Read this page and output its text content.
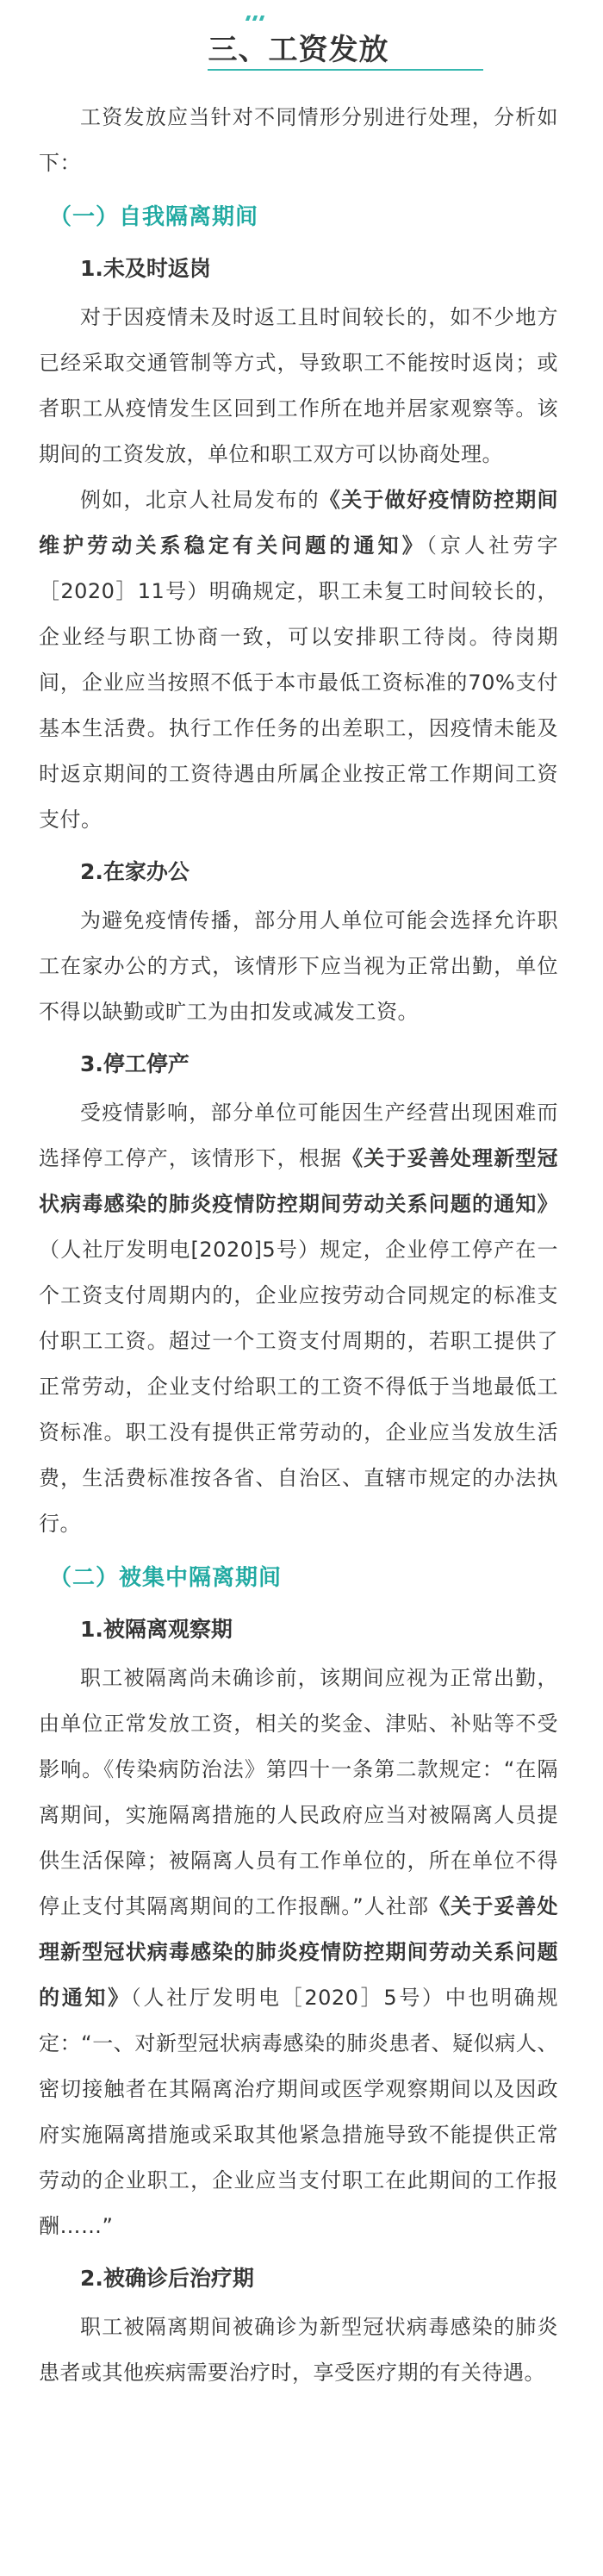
三、工资发放

工资发放应当针对不同情形分别进行处理，分析如下：

（一）自我隔离期间
1.未及时返岗

对于因疫情未及时返工且时间较长的，如不少地方已经采取交通管制等方式，导致职工不能按时返岗；或者职工从疫情发生区回到工作所在地并居家观察等。该期间的工资发放，单位和职工双方可以协商处理。

例如，北京人社局发布的《关于做好疫情防控期间维护劳动关系稳定有关问题的通知》（京人社劳字［2020］11号）明确规定，职工未复工时间较长的，企业经与职工协商一致，可以安排职工待岗。待岗期间，企业应当按照不低于本市最低工资标准的70%支付基本生活费。执行工作任务的出差职工，因疫情未能及时返京期间的工资待遇由所属企业按正常工作期间工资支付。

2.在家办公

为避免疫情传播，部分用人单位可能会选择允许职工在家办公的方式，该情形下应当视为正常出勤，单位不得以缺勤或旷工为由扣发或减发工资。

3.停工停产

受疫情影响，部分单位可能因生产经营出现困难而选择停工停产，该情形下，根据《关于妥善处理新型冠状病毒感染的肺炎疫情防控期间劳动关系问题的通知》（人社厅发明电[2020]5号）规定，企业停工停产在一个工资支付周期内的，企业应按劳动合同规定的标准支付职工工资。超过一个工资支付周期的，若职工提供了正常劳动，企业支付给职工的工资不得低于当地最低工资标准。职工没有提供正常劳动的，企业应当发放生活费，生活费标准按各省、自治区、直辖市规定的办法执行。

（二）被集中隔离期间
1.被隔离观察期

职工被隔离尚未确诊前，该期间应视为正常出勤，由单位正常发放工资，相关的奖金、津贴、补贴等不受影响。《传染病防治法》第四十一条第二款规定：“在隔离期间，实施隔离措施的人民政府应当对被隔离人员提供生活保障；被隔离人员有工作单位的，所在单位不得停止支付其隔离期间的工作报酬。”人社部《关于妥善处理新型冠状病毒感染的肺炎疫情防控期间劳动关系问题的通知》（人社厅发明电［2020］5号）中也明确规定：“一、对新型冠状病毒感染的肺炎患者、疑似病人、密切接触者在其隔离治疗期间或医学观察期间以及因政府实施隔离措施或采取其他紧急措施导致不能提供正常劳动的企业职工，企业应当支付职工在此期间的工作报酬……”

2.被确诊后治疗期

职工被隔离期间被确诊为新型冠状病毒感染的肺炎患者或其他疾病需要治疗时，享受医疗期的有关待遇。
